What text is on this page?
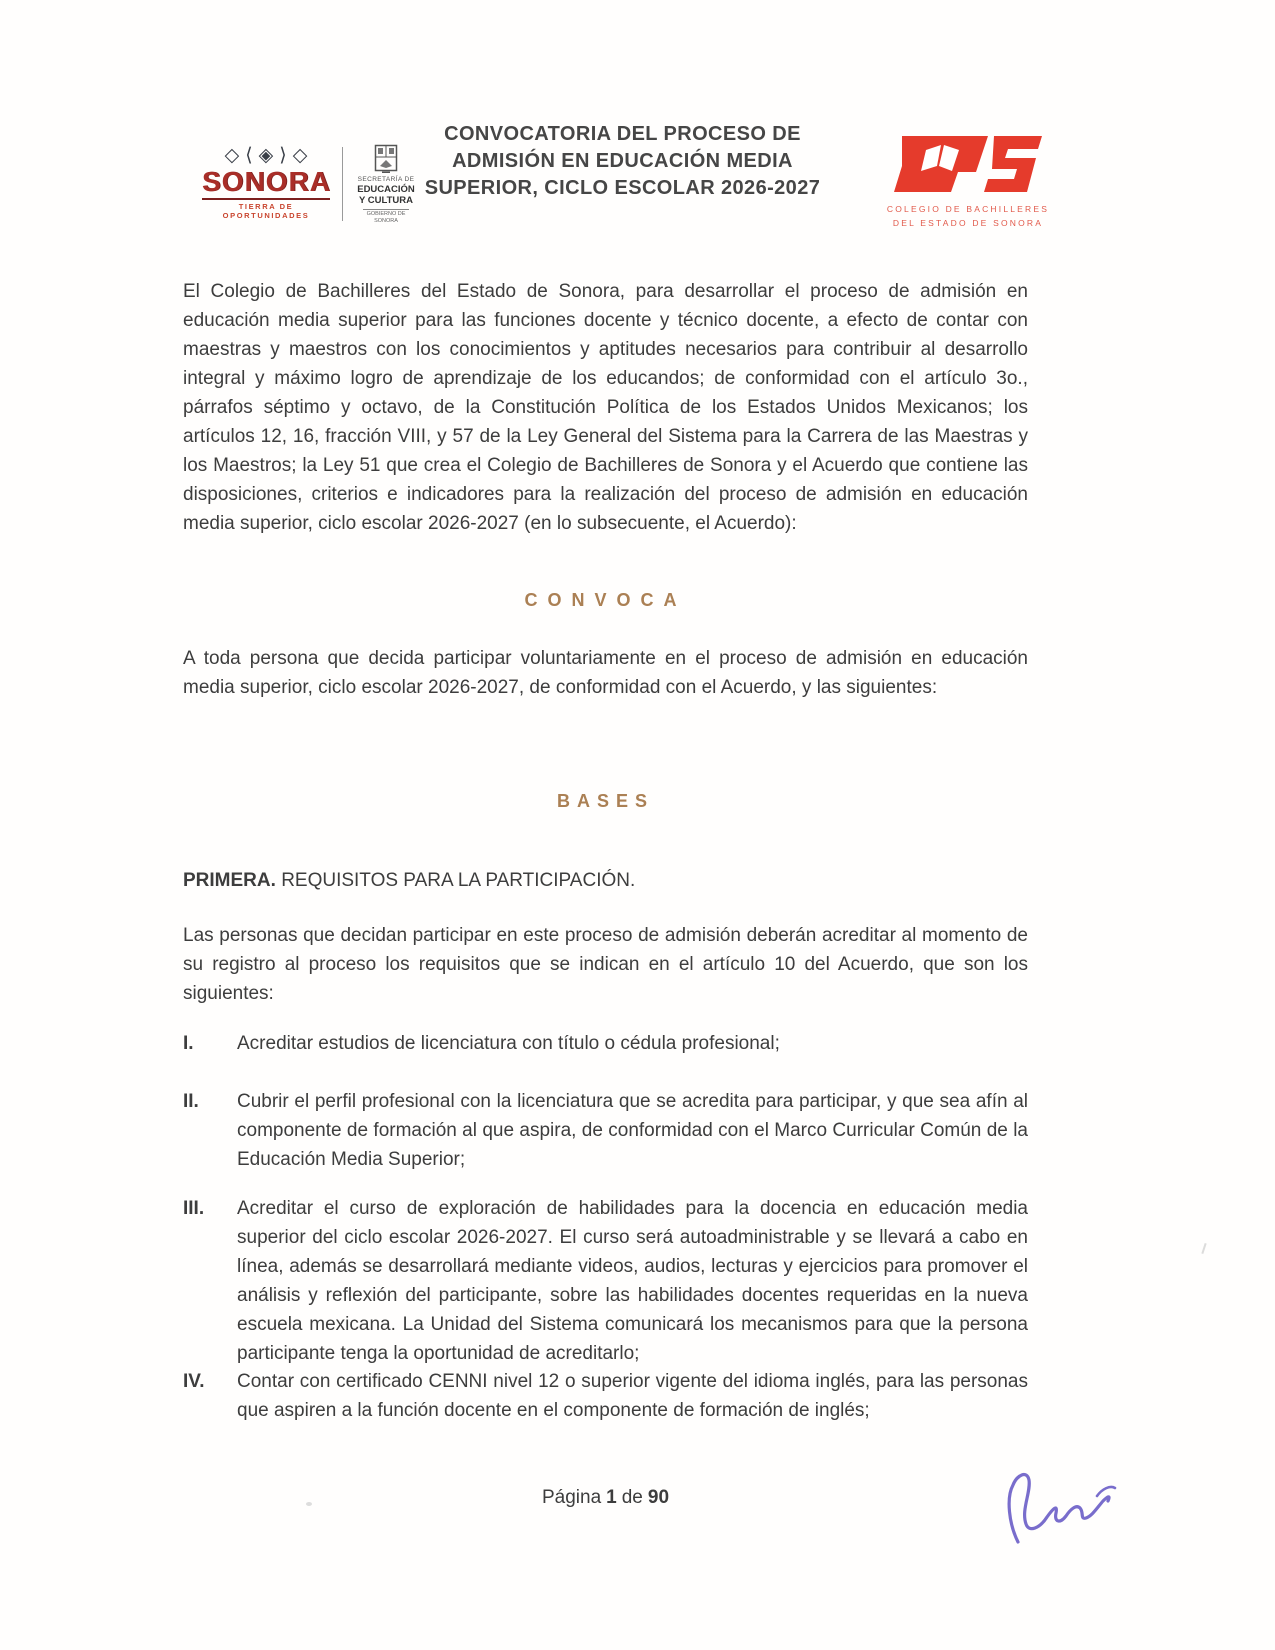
◇⟨◈⟩◇
SONORA
TIERRA DE OPORTUNIDADES
SECRETARÍA DE
EDUCACIÓN
Y CULTURA
GOBIERNO DE SONORA
CONVOCATORIA DEL PROCESO DE
ADMISIÓN EN EDUCACIÓN MEDIA
SUPERIOR, CICLO ESCOLAR 2026-2027
COLEGIO DE BACHILLERES
DEL ESTADO DE SONORA

El Colegio de Bachilleres del Estado de Sonora, para desarrollar el proceso de admisión en educación media superior para las funciones docente y técnico docente, a efecto de contar con maestras y maestros con los conocimientos y aptitudes necesarios para contribuir al desarrollo integral y máximo logro de aprendizaje de los educandos; de conformidad con el artículo 3o., párrafos séptimo y octavo, de la Constitución Política de los Estados Unidos Mexicanos; los artículos 12, 16, fracción VIII, y 57 de la Ley General del Sistema para la Carrera de las Maestras y los Maestros; la Ley 51 que crea el Colegio de Bachilleres de Sonora y el Acuerdo que contiene las disposiciones, criterios e indicadores para la realización del proceso de admisión en educación media superior, ciclo escolar 2026-2027 (en lo subsecuente, el Acuerdo):

CONVOCA

A toda persona que decida participar voluntariamente en el proceso de admisión en educación media superior, ciclo escolar 2026-2027, de conformidad con el Acuerdo, y las siguientes:

BASES

PRIMERA. REQUISITOS PARA LA PARTICIPACIÓN.

Las personas que decidan participar en este proceso de admisión deberán acreditar al momento de su registro al proceso los requisitos que se indican en el artículo 10 del Acuerdo, que son los siguientes:

I.	Acreditar estudios de licenciatura con título o cédula profesional;
II.	Cubrir el perfil profesional con la licenciatura que se acredita para participar, y que sea afín al componente de formación al que aspira, de conformidad con el Marco Curricular Común de la Educación Media Superior;
III.	Acreditar el curso de exploración de habilidades para la docencia en educación media superior del ciclo escolar 2026-2027. El curso será autoadministrable y se llevará a cabo en línea, además se desarrollará mediante videos, audios, lecturas y ejercicios para promover el análisis y reflexión del participante, sobre las habilidades docentes requeridas en la nueva escuela mexicana. La Unidad del Sistema comunicará los mecanismos para que la persona participante tenga la oportunidad de acreditarlo;
IV.	Contar con certificado CENNI nivel 12 o superior vigente del idioma inglés, para las personas que aspiren a la función docente en el componente de formación de inglés;
Página 1 de 90
